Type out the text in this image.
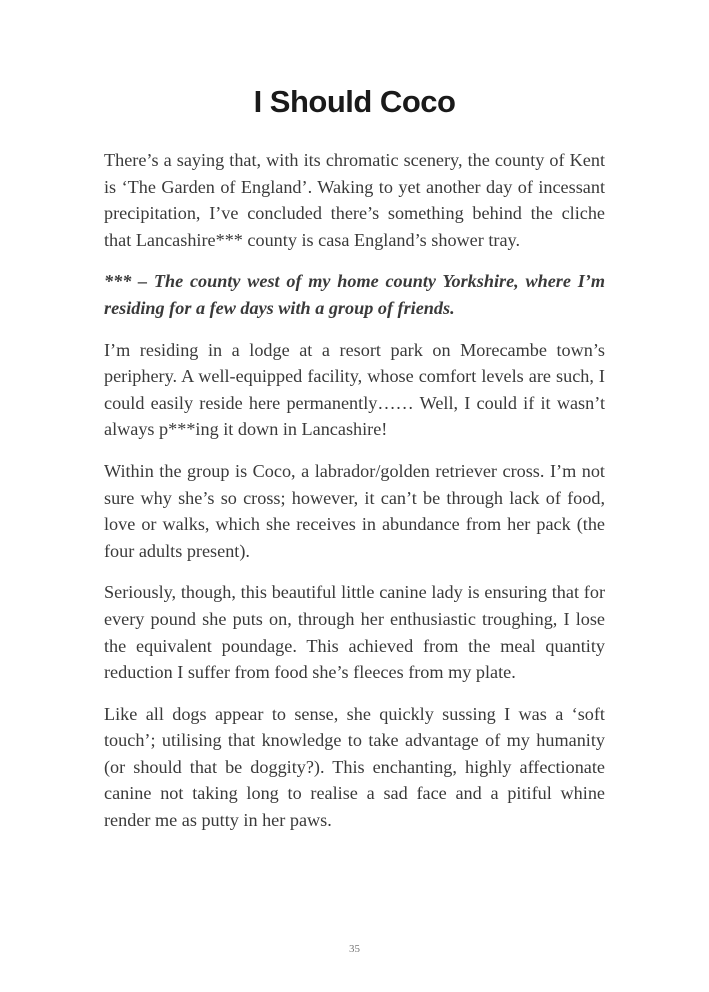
I Should Coco

There’s a saying that, with its chromatic scenery, the county of Kent is ‘The Garden of England’. Waking to yet another day of incessant precipitation, I’ve concluded there’s something behind the cliche that Lancashire*** county is casa England’s shower tray.

*** – The county west of my home county Yorkshire, where I’m residing for a few days with a group of friends.

I’m residing in a lodge at a resort park on Morecambe town’s periphery. A well-equipped facility, whose comfort levels are such, I could easily reside here permanently…… Well, I could if it wasn’t always p***ing it down in Lancashire!

Within the group is Coco, a labrador/golden retriever cross. I’m not sure why she’s so cross; however, it can’t be through lack of food, love or walks, which she receives in abundance from her pack (the four adults present).

Seriously, though, this beautiful little canine lady is ensuring that for every pound she puts on, through her enthusiastic troughing, I lose the equivalent poundage. This achieved from the meal quantity reduction I suffer from food she’s fleeces from my plate.

Like all dogs appear to sense, she quickly sussing I was a ‘soft touch’; utilising that knowledge to take advantage of my humanity (or should that be doggity?). This enchanting, highly affectionate canine not taking long to realise a sad face and a pitiful whine render me as putty in her paws.

35
